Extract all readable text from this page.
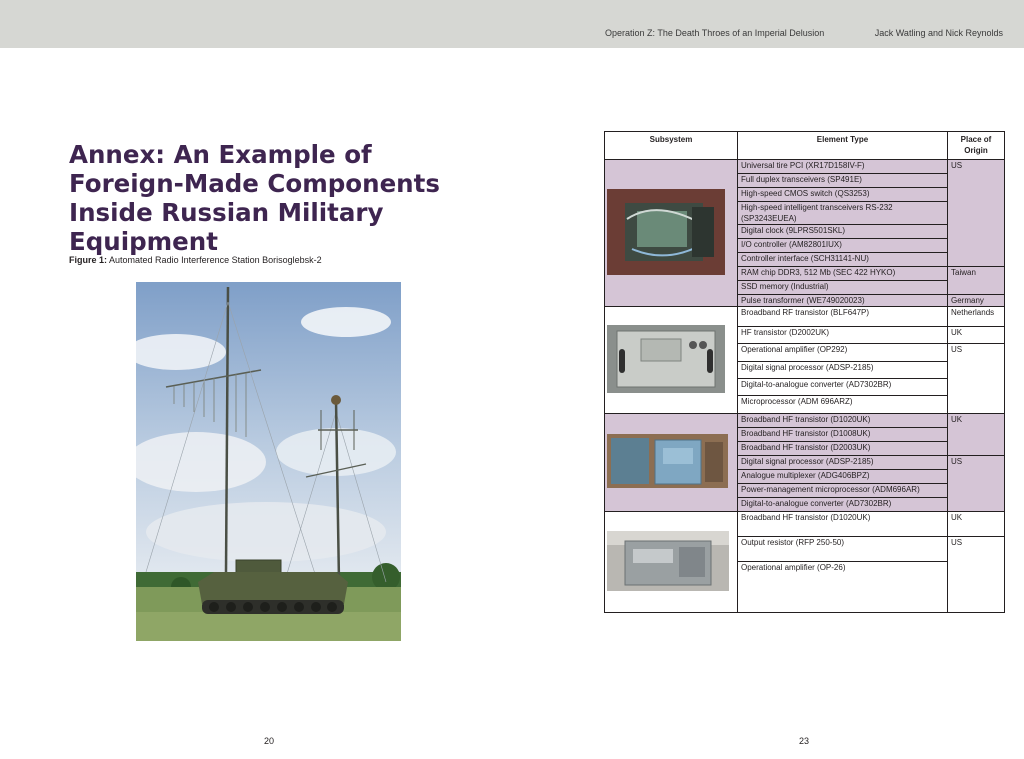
Operation Z: The Death Throes of an Imperial Delusion	Jack Watling and Nick Reynolds
Annex: An Example of Foreign-Made Components Inside Russian Military Equipment
Figure 1: Automated Radio Interference Station Borisoglebsk-2
20	23
Subsystem	Element Type	Place of Origin
	Universal tire PCI (XR17D158IV-F)	US
	Full duplex transceivers (SP491E)	
	High-speed CMOS switch (QS3253)	
	High-speed intelligent transceivers RS-232 (SP3243EUEA)	
	Digital clock (9LPRS501SKL)	
	I/O controller (AM82801IUX)	
	Controller interface (SCH31141-NU)	
	RAM chip DDR3, 512 Mb (SEC 422 HYKO)	Taiwan
	SSD memory (Industrial)	
	Pulse transformer (WE749020023)	Germany
	Broadband RF transistor (BLF647P)	Netherlands
	HF transistor (D2002UK)	UK
	Operational amplifier (OP292)	US
	Digital signal processor (ADSP-2185)	
	Digital-to-analogue converter (AD7302BR)	
	Microprocessor (ADM 696ARZ)	
	Broadband HF transistor (D1020UK)	UK
	Broadband HF transistor (D1008UK)	
	Broadband HF transistor (D2003UK)	
	Digital signal processor (ADSP-2185)	US
	Analogue multiplexer (ADG406BPZ)	
	Power-management microprocessor (ADM696AR)	
	Digital-to-analogue converter (AD7302BR)	
	Broadband HF transistor (D1020UK)	UK
	Output resistor (RFP 250-50)	US
	Operational amplifier (OP-26)	
